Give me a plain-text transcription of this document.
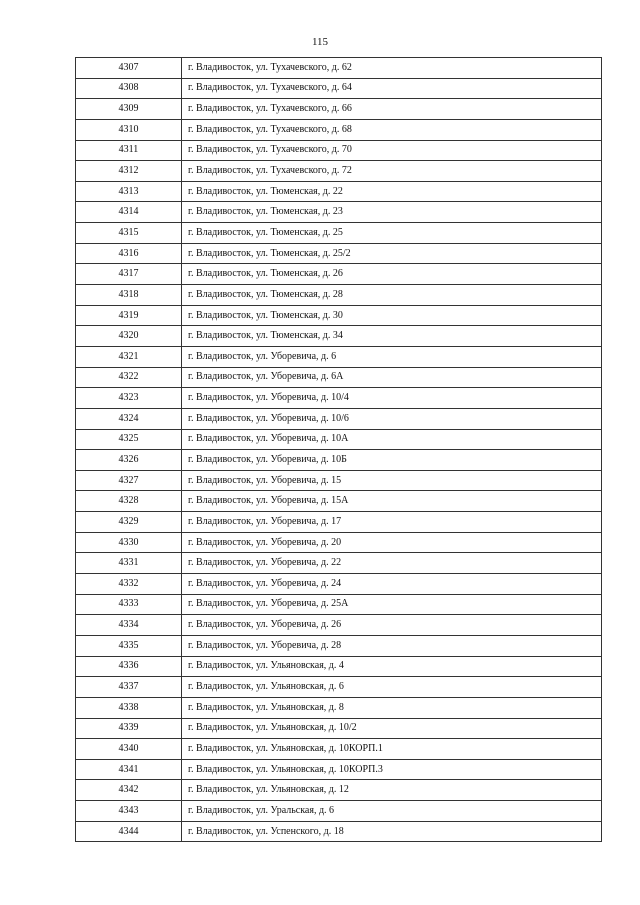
115
4307	г. Владивосток, ул. Тухачевского, д. 62
4308	г. Владивосток, ул. Тухачевского, д. 64
4309	г. Владивосток, ул. Тухачевского, д. 66
4310	г. Владивосток, ул. Тухачевского, д. 68
4311	г. Владивосток, ул. Тухачевского, д. 70
4312	г. Владивосток, ул. Тухачевского, д. 72
4313	г. Владивосток, ул. Тюменская, д. 22
4314	г. Владивосток, ул. Тюменская, д. 23
4315	г. Владивосток, ул. Тюменская, д. 25
4316	г. Владивосток, ул. Тюменская, д. 25/2
4317	г. Владивосток, ул. Тюменская, д. 26
4318	г. Владивосток, ул. Тюменская, д. 28
4319	г. Владивосток, ул. Тюменская, д. 30
4320	г. Владивосток, ул. Тюменская, д. 34
4321	г. Владивосток, ул. Уборевича, д. 6
4322	г. Владивосток, ул. Уборевича, д. 6А
4323	г. Владивосток, ул. Уборевича, д. 10/4
4324	г. Владивосток, ул. Уборевича, д. 10/6
4325	г. Владивосток, ул. Уборевича, д. 10А
4326	г. Владивосток, ул. Уборевича, д. 10Б
4327	г. Владивосток, ул. Уборевича, д. 15
4328	г. Владивосток, ул. Уборевича, д. 15А
4329	г. Владивосток, ул. Уборевича, д. 17
4330	г. Владивосток, ул. Уборевича, д. 20
4331	г. Владивосток, ул. Уборевича, д. 22
4332	г. Владивосток, ул. Уборевича, д. 24
4333	г. Владивосток, ул. Уборевича, д. 25А
4334	г. Владивосток, ул. Уборевича, д. 26
4335	г. Владивосток, ул. Уборевича, д. 28
4336	г. Владивосток, ул. Ульяновская, д. 4
4337	г. Владивосток, ул. Ульяновская, д. 6
4338	г. Владивосток, ул. Ульяновская, д. 8
4339	г. Владивосток, ул. Ульяновская, д. 10/2
4340	г. Владивосток, ул. Ульяновская, д. 10КОРП.1
4341	г. Владивосток, ул. Ульяновская, д. 10КОРП.3
4342	г. Владивосток, ул. Ульяновская, д. 12
4343	г. Владивосток, ул. Уральская, д. 6
4344	г. Владивосток, ул. Успенского, д. 18
